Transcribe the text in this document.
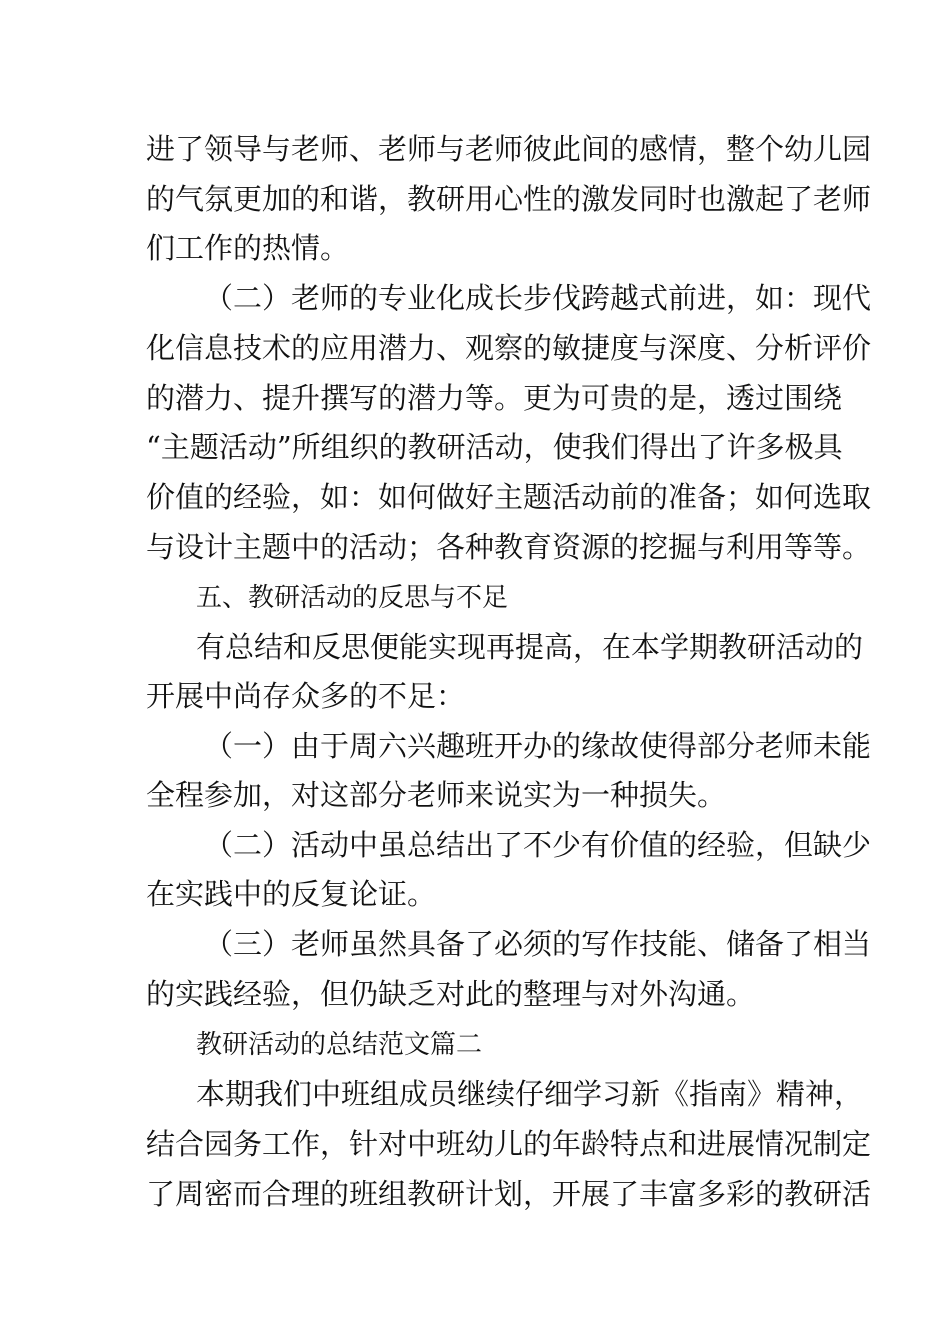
进了领导与老师、老师与老师彼此间的感情，整个幼儿园
的气氛更加的和谐，教研用心性的激发同时也激起了老师
们工作的热情。
（二）老师的专业化成长步伐跨越式前进，如：现代
化信息技术的应用潜力、观察的敏捷度与深度、分析评价
的潜力、提升撰写的潜力等。更为可贵的是，透过围绕
“主题活动”所组织的教研活动，使我们得出了许多极具
价值的经验，如：如何做好主题活动前的准备；如何选取
与设计主题中的活动；各种教育资源的挖掘与利用等等。
五、教研活动的反思与不足
有总结和反思便能实现再提高，在本学期教研活动的
开展中尚存众多的不足：
（一）由于周六兴趣班开办的缘故使得部分老师未能
全程参加，对这部分老师来说实为一种损失。
（二）活动中虽总结出了不少有价值的经验，但缺少
在实践中的反复论证。
（三）老师虽然具备了必须的写作技能、储备了相当
的实践经验，但仍缺乏对此的整理与对外沟通。
教研活动的总结范文篇二
本期我们中班组成员继续仔细学习新《指南》精神，
结合园务工作，针对中班幼儿的年龄特点和进展情况制定
了周密而合理的班组教研计划，开展了丰富多彩的教研活
